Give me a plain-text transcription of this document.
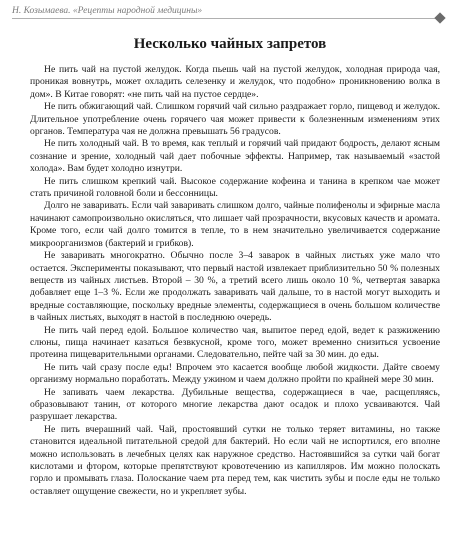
Н. Козымаева. «Рецепты народной медицины»
Несколько чайных запретов

Не пить чай на пустой желудок. Когда пьешь чай на пустой желудок, холодная природа чая, проникая вовнутрь, может охладить селезенку и желудок, что подобно» проникновению волка в дом». В Китае говорят: «не пить чай на пустое сердце».

Не пить обжигающий чай. Слишком горячий чай сильно раздражает горло, пищевод и желудок. Длительное употребление очень горячего чая может привести к болезненным изменениям этих органов. Температура чая не должна превышать 56 градусов.

Не пить холодный чай. В то время, как теплый и горячий чай придают бодрость, делают ясным сознание и зрение, холодный чай дает побочные эффекты. Например, так называемый «застой холода». Вам будет холодно изнутри.

Не пить слишком крепкий чай. Высокое содержание кофеина и танина в крепком чае может стать причиной головной боли и бессонницы.

Долго не заваривать. Если чай заваривать слишком долго, чайные полифенолы и эфирные масла начинают самопроизвольно окисляться, что лишает чай прозрачности, вкусовых качеств и аромата. Кроме того, если чай долго томится в тепле, то в нем значительно увеличивается содержание микроорганизмов (бактерий и грибков).

Не заваривать многократно. Обычно после 3–4 заварок в чайных листьях уже мало что остается. Эксперименты показывают, что первый настой извлекает приблизительно 50 % полезных веществ из чайных листьев. Второй – 30 %, а третий всего лишь около 10 %, четвертая заварка добавляет еще 1–3 %. Если же продолжать заваривать чай дальше, то в настой могут выходить и вредные составляющие, поскольку вредные элементы, содержащиеся в очень большом количестве в чайных листьях, выходят в настой в последнюю очередь.

Не пить чай перед едой. Большое количество чая, выпитое перед едой, ведет к разжижению слюны, пища начинает казаться безвкусной, кроме того, может временно снизиться усвоение протеина пищеварительными органами. Следовательно, пейте чай за 30 мин. до еды.

Не пить чай сразу после еды! Впрочем это касается вообще любой жидкости. Дайте своему организму нормально поработать. Между ужином и чаем должно пройти по крайней мере 30 мин.

Не запивать чаем лекарства. Дубильные вещества, содержащиеся в чае, расщепляясь, образовывают танин, от которого многие лекарства дают осадок и плохо усваиваются. Чай разрушает лекарства.

Не пить вчерашний чай. Чай, простоявший сутки не только теряет витамины, но также становится идеальной питательной средой для бактерий. Но если чай не испортился, его вполне можно использовать в лечебных целях как наружное средство. Настоявшийся за сутки чай богат кислотами и фтором, которые препятствуют кровотечению из капилляров. Им можно полоскать горло и промывать глаза. Полоскание чаем рта перед тем, как чистить зубы и после еды не только оставляет ощущение свежести, но и укрепляет зубы.
